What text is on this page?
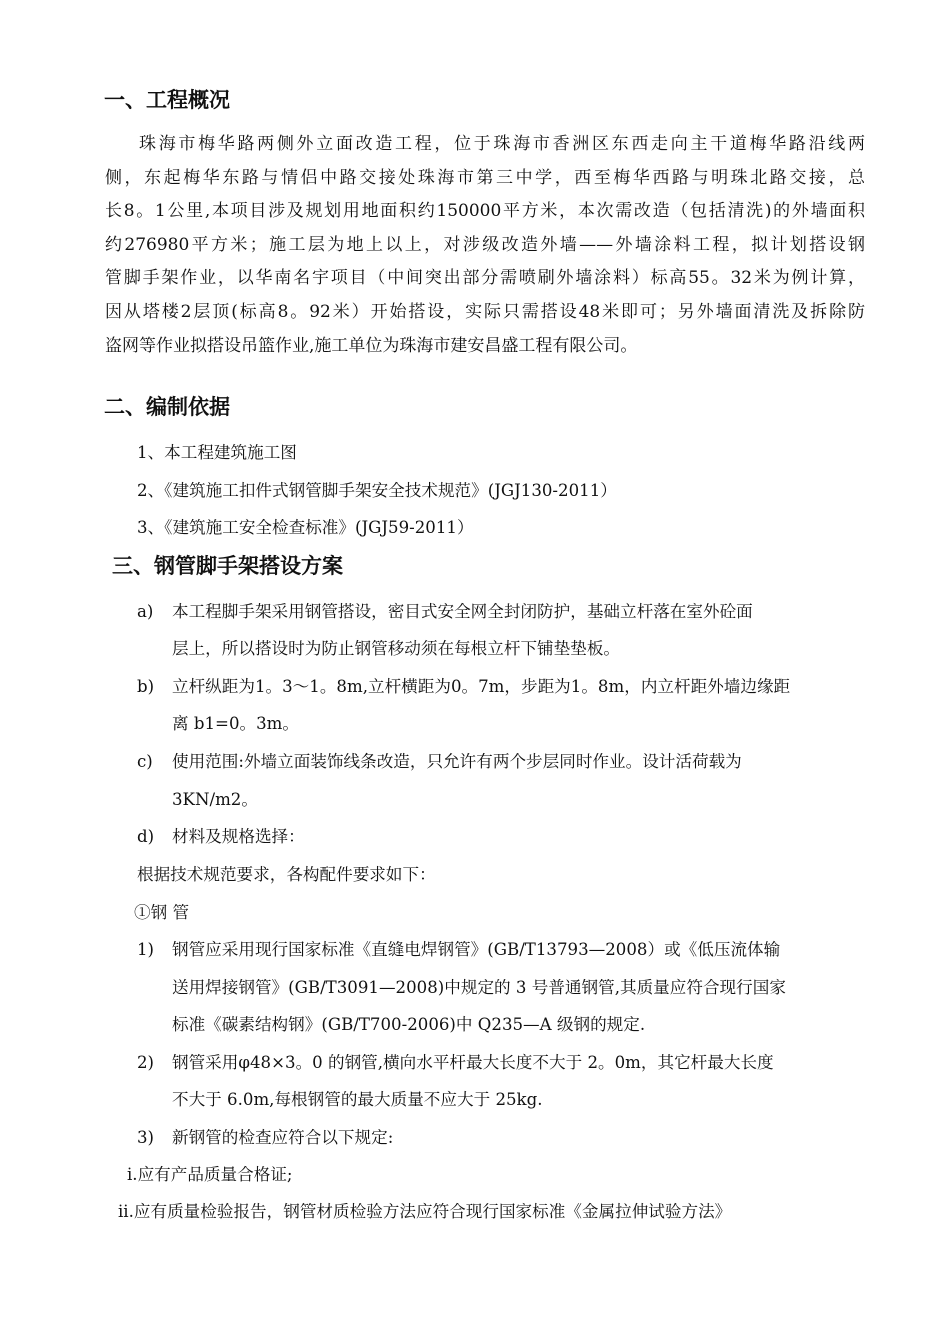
一、工程概况
珠海市梅华路两侧外立面改造工程，位于珠海市香洲区东西走向主干道梅华路沿线两
侧，东起梅华东路与情侣中路交接处珠海市第三中学，西至梅华西路与明珠北路交接，总
长8。1公里,本项目涉及规划用地面积约150000平方米，本次需改造（包括清洗)的外墙面积
约276980平方米；施工层为地上以上，对涉级改造外墙——外墙涂料工程，拟计划搭设钢
管脚手架作业，以华南名宇项目（中间突出部分需喷刷外墙涂料）标高55。32米为例计算，
因从塔楼2层顶(标高8。92米）开始搭设，实际只需搭设48米即可；另外墙面清洗及拆除防
盗网等作业拟搭设吊篮作业,施工单位为珠海市建安昌盛工程有限公司。
二、编制依据
1、本工程建筑施工图
2、《建筑施工扣件式钢管脚手架安全技术规范》(JGJ130-2011）
3、《建筑施工安全检查标准》(JGJ59-2011）
三、钢管脚手架搭设方案
a) 本工程脚手架采用钢管搭设，密目式安全网全封闭防护，基础立杆落在室外砼面
层上，所以搭设时为防止钢管移动须在每根立杆下铺垫垫板。
b) 立杆纵距为1。3～1。8m,立杆横距为0。7m，步距为1。8m，内立杆距外墙边缘距
离 b1=0。3m。
c) 使用范围:外墙立面装饰线条改造，只允许有两个步层同时作业。设计活荷载为
3KN/m2。
d) 材料及规格选择：
根据技术规范要求，各构配件要求如下：
①钢 管
1) 钢管应采用现行国家标准《直缝电焊钢管》(GB/T13793—2008）或《低压流体输
送用焊接钢管》(GB/T3091—2008)中规定的 3 号普通钢管,其质量应符合现行国家
标准《碳素结构钢》(GB/T700-2006)中 Q235—A 级钢的规定.
2) 钢管采用φ48×3。0 的钢管,横向水平杆最大长度不大于 2。0m，其它杆最大长度
不大于 6.0m,每根钢管的最大质量不应大于 25kg.
3) 新钢管的检查应符合以下规定:
i.应有产品质量合格证;
ii.应有质量检验报告，钢管材质检验方法应符合现行国家标准《金属拉伸试验方法》
